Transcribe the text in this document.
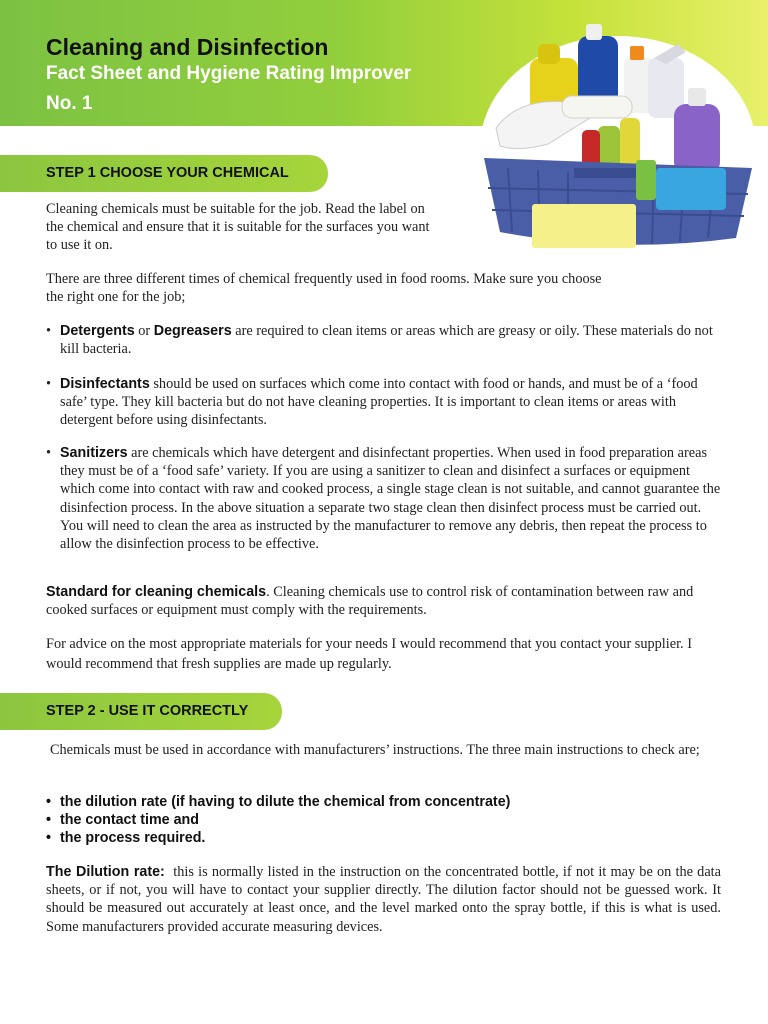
Cleaning and Disinfection
Fact Sheet and Hygiene Rating Improver
No. 1
STEP 1 CHOOSE YOUR CHEMICAL
Cleaning chemicals must be suitable for the job. Read the label on the chemical and ensure that it is suitable for the surfaces you want to use it on.
There are three different times of chemical frequently used in food rooms. Make sure you choose the right one for the job;
• Detergents or Degreasers are required to clean items or areas which are greasy or oily. These materials do not kill bacteria.
• Disinfectants should be used on surfaces which come into contact with food or hands, and must be of a ‘food safe’ type. They kill bacteria but do not have cleaning properties. It is important to clean items or areas with detergent before using disinfectants.
• Sanitizers are chemicals which have detergent and disinfectant properties. When used in food preparation areas they must be of a ‘food safe’ variety. If you are using a sanitizer to clean and disinfect a surfaces or equipment which come into contact with raw and cooked process, a single stage clean is not suitable, and cannot guarantee the disinfection process. In the above situation a separate two stage clean then disinfect process must be carried out. You will need to clean the area as instructed by the manufacturer to remove any debris, then repeat the process to allow the disinfection process to be effective.
Standard for cleaning chemicals. Cleaning chemicals use to control risk of contamination between raw and cooked surfaces or equipment must comply with the requirements.
For advice on the most appropriate materials for your needs I would recommend that you contact your supplier. I would recommend that fresh supplies are made up regularly.
STEP 2 - USE IT CORRECTLY
Chemicals must be used in accordance with manufacturers’ instructions. The three main instructions to check are;
• the dilution rate (if having to dilute the chemical from concentrate)
• the contact time and
• the process required.
The Dilution rate: this is normally listed in the instruction on the concentrated bottle, if not it may be on the data sheets, or if not, you will have to contact your supplier directly. The dilution factor should not be guessed work. It should be measured out accurately at least once, and the level marked onto the spray bottle, if this is what is used. Some manufacturers provided accurate measuring devices.
